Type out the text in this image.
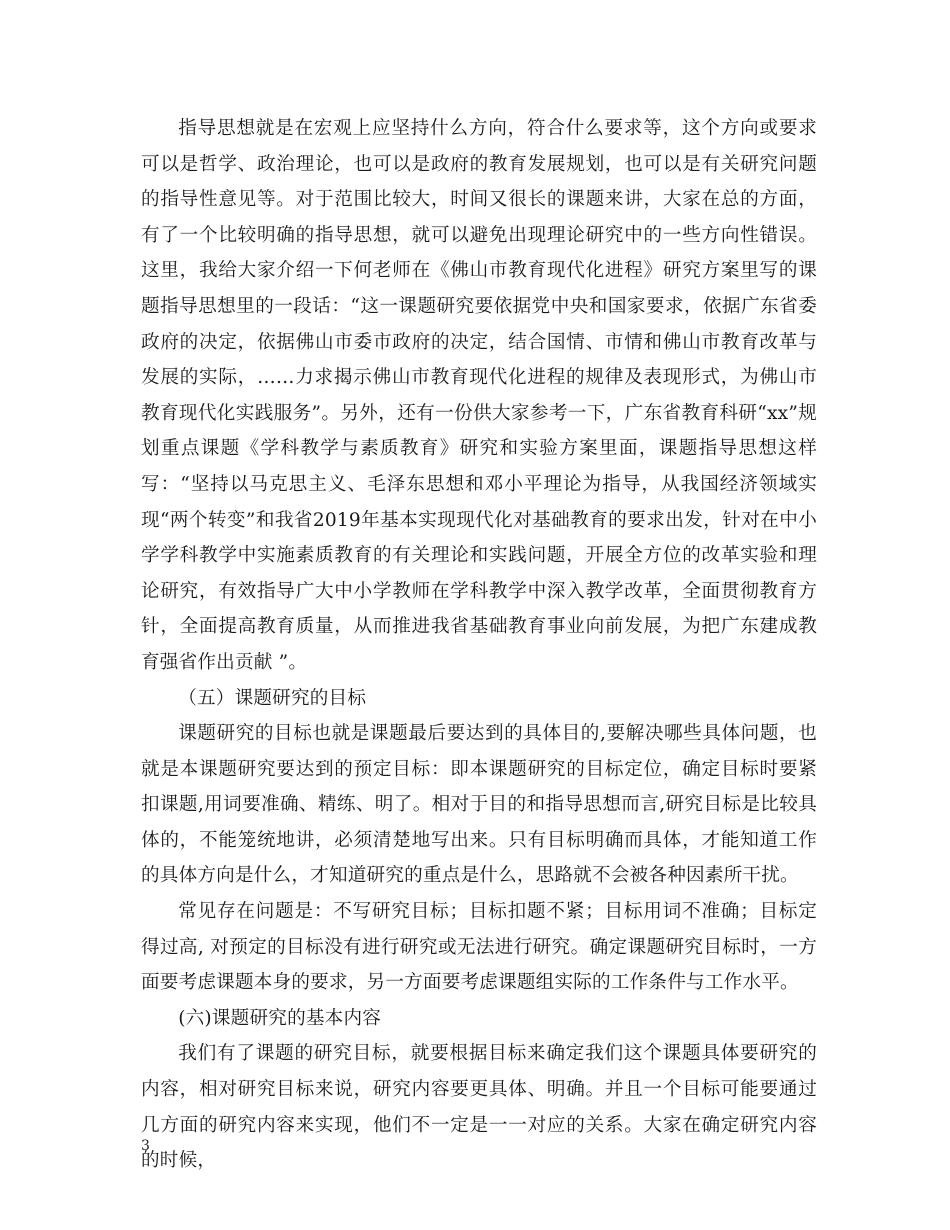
指导思想就是在宏观上应坚持什么方向，符合什么要求等，这个方向或要求可以是哲学、政治理论，也可以是政府的教育发展规划，也可以是有关研究问题的指导性意见等。对于范围比较大，时间又很长的课题来讲，大家在总的方面，有了一个比较明确的指导思想，就可以避免出现理论研究中的一些方向性错误。这里，我给大家介绍一下何老师在《佛山市教育现代化进程》研究方案里写的课题指导思想里的一段话：“这一课题研究要依据党中央和国家要求，依据广东省委政府的决定，依据佛山市委市政府的决定，结合国情、市情和佛山市教育改革与发展的实际，……力求揭示佛山市教育现代化进程的规律及表现形式，为佛山市教育现代化实践服务”。另外，还有一份供大家参考一下，广东省教育科研“xx”规划重点课题《学科教学与素质教育》研究和实验方案里面，课题指导思想这样写：“坚持以马克思主义、毛泽东思想和邓小平理论为指导，从我国经济领域实现“两个转变”和我省2019年基本实现现代化对基础教育的要求出发，针对在中小学学科教学中实施素质教育的有关理论和实践问题，开展全方位的改革实验和理论研究，有效指导广大中小学教师在学科教学中深入教学改革，全面贯彻教育方针，全面提高教育质量，从而推进我省基础教育事业向前发展，为把广东建成教育强省作出贡献 ”。

（五）课题研究的目标

课题研究的目标也就是课题最后要达到的具体目的,要解决哪些具体问题，也就是本课题研究要达到的预定目标：即本课题研究的目标定位，确定目标时要紧扣课题,用词要准确、精练、明了。相对于目的和指导思想而言,研究目标是比较具体的，不能笼统地讲，必须清楚地写出来。只有目标明确而具体，才能知道工作的具体方向是什么，才知道研究的重点是什么，思路就不会被各种因素所干扰。

常见存在问题是：不写研究目标；目标扣题不紧；目标用词不准确；目标定得过高, 对预定的目标没有进行研究或无法进行研究。确定课题研究目标时，一方面要考虑课题本身的要求，另一方面要考虑课题组实际的工作条件与工作水平。

(六)课题研究的基本内容

我们有了课题的研究目标，就要根据目标来确定我们这个课题具体要研究的内容，相对研究目标来说，研究内容要更具体、明确。并且一个目标可能要通过几方面的研究内容来实现，他们不一定是一一对应的关系。大家在确定研究内容的时候，

3
